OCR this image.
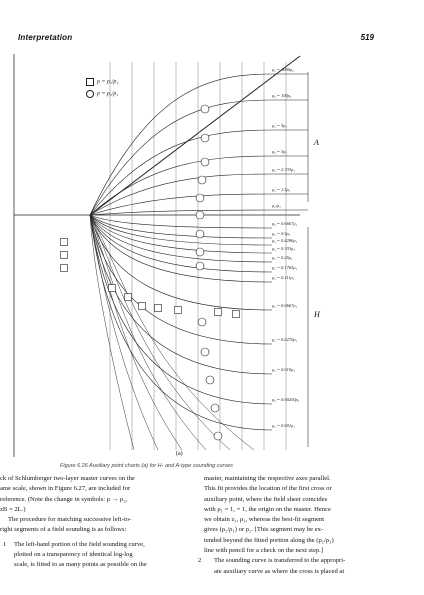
Interpretation	519
ρ = ρ₁/ρ₂
ρ = ρ₂/ρ₁
ρ₂ = 1000ρ₁
ρ₂ = 100ρ₁
ρ₂ = 5ρ₁
ρ₂ = 3ρ₁
ρ₂ = 2.333ρ₁
ρ₂ = 1.5ρ₁
ρ₂/ρ₁
ρ₂ = 0.6667ρ₁
ρ₂ = 0.5ρ₁
ρ₂ = 0.4286ρ₁
ρ₂ = 0.333ρ₁
ρ₂ = 0.25ρ₁
ρ₂ = 0.1765ρ₁
ρ₂ = 0.111ρ₁
ρ₂ = 0.0667ρ₁
ρ₂ = 0.0270ρ₁
ρ₂ = 0.010ρ₁
ρ₂ = 0.00200ρ₁
ρ₂ = 0.001ρ₁
A
H
(a)
Figure 6.26 Auxiliary point charts (a) for H- and A-type sounding curves
ck of Schlumberger two-layer master curves on the
ame scale, shown in Figure 6.27, are included for
reference. (Note the change in symbols: ρ → ρ₂,
zB = 2L.)
The procedure for matching successive left-to-
right segments of a field sounding is as follows:
1 The left-hand portion of the field sounding curve,
plotted on a transparency of identical log-log
scale, is fitted to as many points as possible on the
master, maintaining the respective axes parallel.
This fit provides the location of the first cross or
auxiliary point, where the field sheet coincides
with ρ₁ = 1, = 1, the origin on the master. Hence
we obtain z₁, ρ₁, whereas the best-fit segment
gives (ρ₂/ρ₁) or ρ₂. [This segment may be ex-
tended beyond the fitted portion along the (ρ₂/ρ₁)
line with pencil for a check on the next step.]
2 The sounding curve is transferred to the appropri-
ate auxiliary curve as where the cross is placed at
